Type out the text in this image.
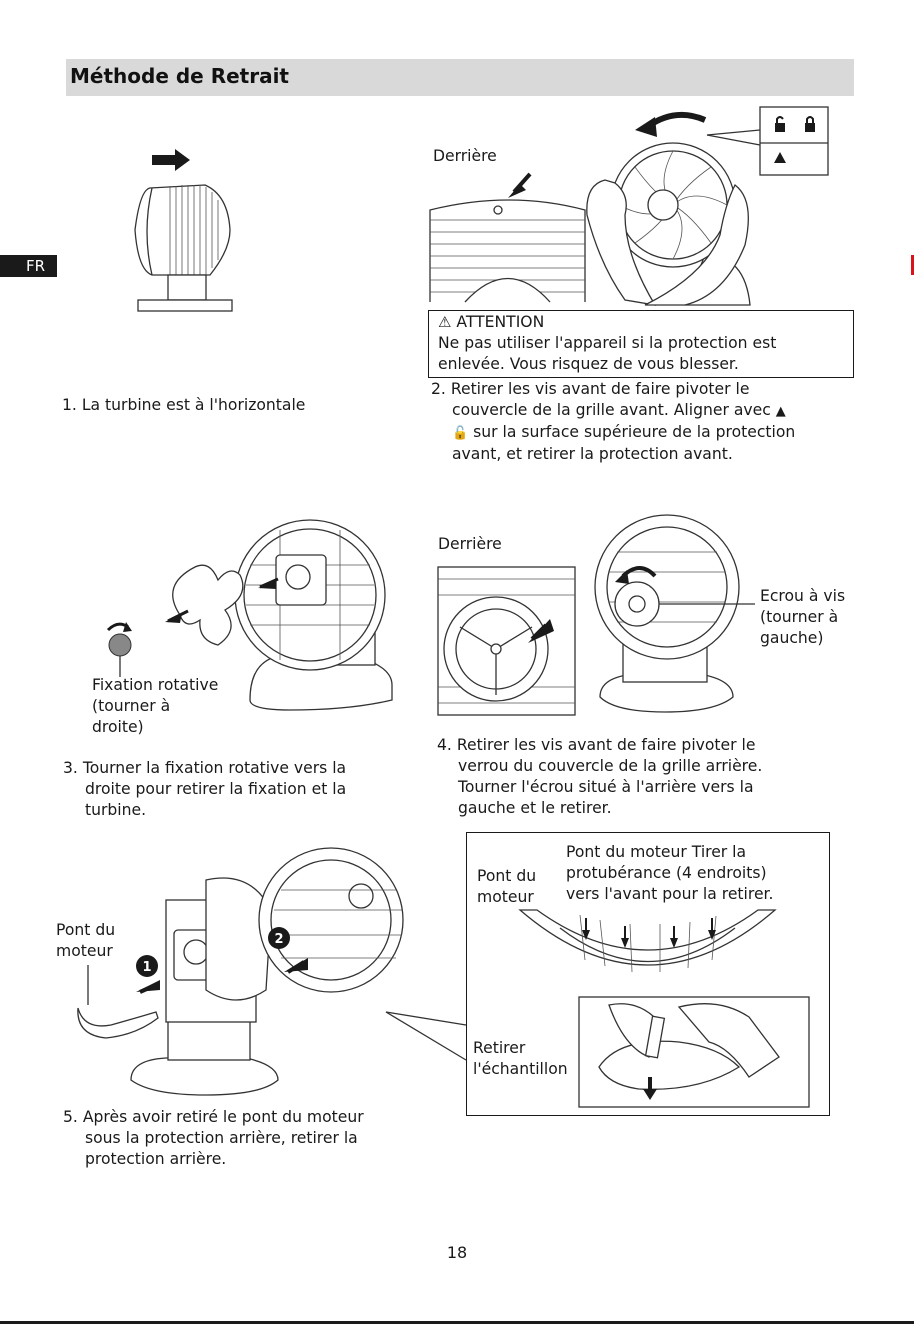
Méthode de Retrait
FR
Derrière
⚠ ATTENTION
Ne pas utiliser l'appareil si la protection est enlevée. Vous risquez de vous blesser.

1. La turbine est à l'horizontale

2. Retirer les vis avant de faire pivoter le

couvercle de la grille avant. Aligner avec ▲

🔓 sur la surface supérieure de la protection

avant, et retirer la protection avant.

Fixation rotative
(tourner à
droite)

3. Tourner la fixation rotative vers la

droite pour retirer la fixation et la

turbine.

Derrière
Ecrou à vis
(tourner à
gauche)

4. Retirer les vis avant de faire pivoter le

verrou du couvercle de la grille arrière.

Tourner l'écrou situé à l'arrière vers la

gauche et le retirer.

1
2
Pont du
moteur
Pont du
moteur
Pont du moteur Tirer la
protubérance (4 endroits)
vers l'avant pour la retirer.
Retirer
l'échantillon

5. Après avoir retiré le pont du moteur

sous la protection arrière, retirer la

protection arrière.

18
